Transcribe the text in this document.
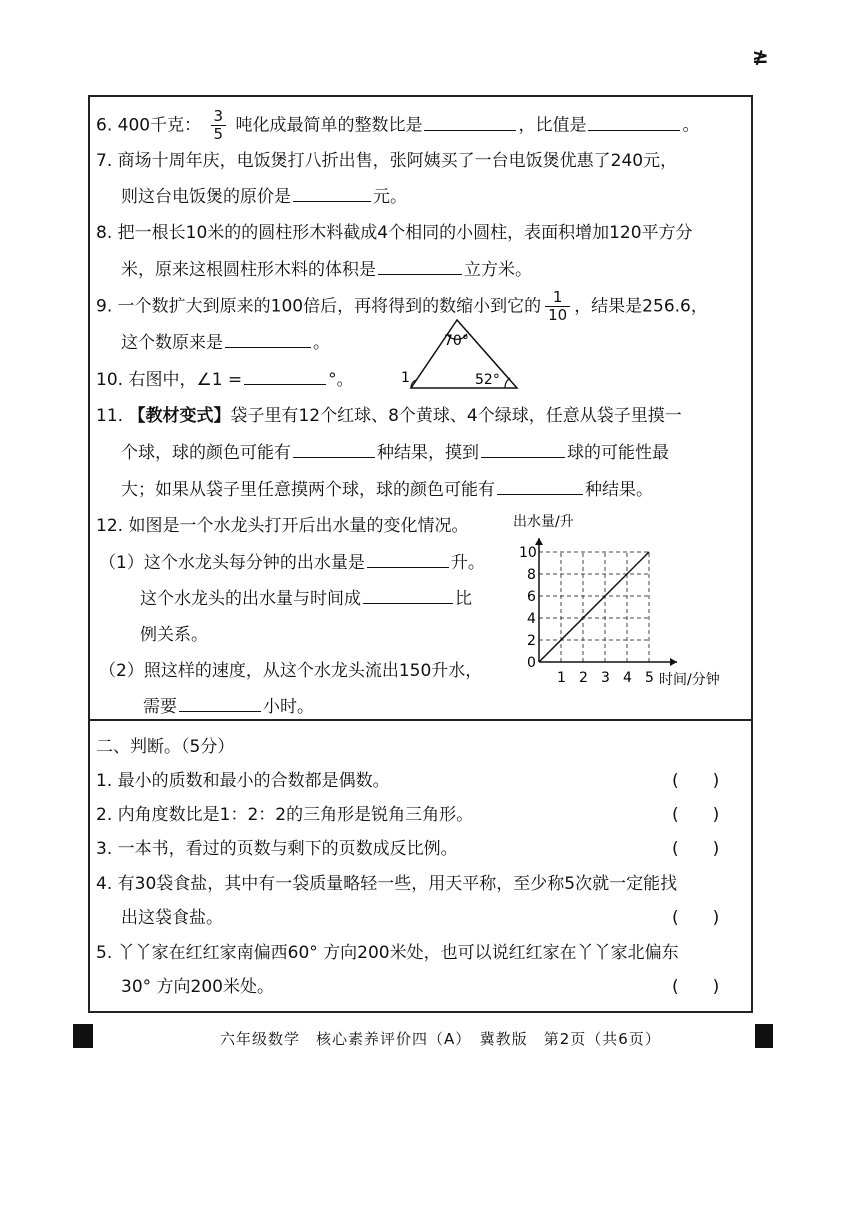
≱
6. 400千克： $\frac{3}{5}$ 吨化成最简单的整数比是	，比值是	。
7. 商场十周年庆，电饭煲打八折出售，张阿姨买了一台电饭煲优惠了240元，
则这台电饭煲的原价是	元。
8. 把一根长10米的的圆柱形木料截成4个相同的小圆柱，表面积增加120平方分
米，原来这根圆柱形木料的体积是	立方米。
9. 一个数扩大到原来的100倍后，再将得到的数缩小到它的 $\frac{1}{10}$ ，结果是256.6，
这个数原来是	。
10. 右图中，∠1 =	°。
70°
52°
1
11. 【教材变式】袋子里有12个红球、8个黄球、4个绿球，任意从袋子里摸一
个球，球的颜色可能有	种结果，摸到	球的可能性最
大；如果从袋子里任意摸两个球，球的颜色可能有	种结果。
12. 如图是一个水龙头打开后出水量的变化情况。
（1）这个水龙头每分钟的出水量是	升。
这个水龙头的出水量与时间成	比
例关系。
（2）照这样的速度，从这个水龙头流出150升水，
需要	小时。
0
1 2 3 4 5
2
4
6
8
10
出水量/升
时间/分钟
二、判断。（5分）
1. 最小的质数和最小的合数都是偶数。	(　　)
2. 内角度数比是1：2：2的三角形是锐角三角形。	(　　)
3. 一本书，看过的页数与剩下的页数成反比例。	(　　)
4. 有30袋食盐，其中有一袋质量略轻一些，用天平称，至少称5次就一定能找
出这袋食盐。	(　　)
5. 丫丫家在红红家南偏西60° 方向200米处，也可以说红红家在丫丫家北偏东
30° 方向200米处。	(　　)
六年级数学　核心素养评价四（A）　冀教版　第2页（共6页）
